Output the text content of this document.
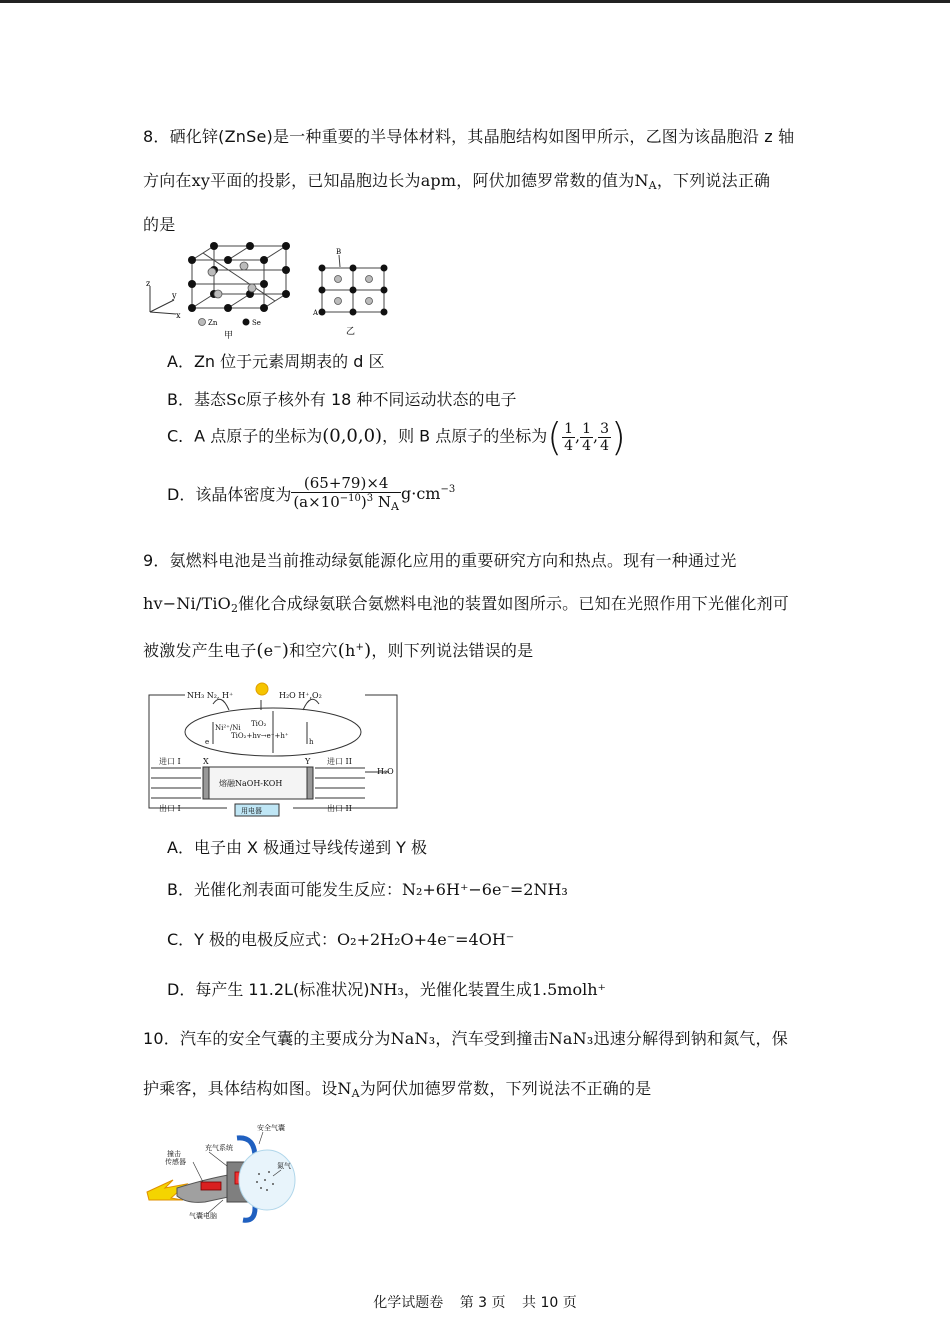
8．硒化锌(ZnSe)是一种重要的半导体材料，其晶胞结构如图甲所示，乙图为该晶胞沿 z 轴
方向在xy平面的投影，已知晶胞边长为apm，阿伏加德罗常数的值为$N_A$，下列说法正确
的是
z
y
x
Zn	Se
甲
B
A
乙
A．Zn 位于元素周期表的 d 区
B．基态Sc原子核外有 18 种不同运动状态的电子
C．A 点原子的坐标为(0,0,0)，则 B 点原子的坐标为( $\frac{1}{4}$ , $\frac{1}{4}$ , $\frac{3}{4}$ )
D．该晶体密度为 $\frac{(65+79)\times 4}{(a\times 10^{-10})^3 N_A} g\cdot cm^{-3}$
9．氨燃料电池是当前推动绿氨能源化应用的重要研究方向和热点。现有一种通过光
hv−Ni/TiO$_2$催化合成绿氨联合氨燃料电池的装置如图所示。已知在光照作用下光催化剂可
被激发产生电子(e−)和空穴(h+)，则下列说法错误的是
NH₃ N₂, H⁺	H₂O H⁺,O₂
Ni²⁺/Ni TiO₂
TiO₂+hv→e⁻+h⁺
e	h
进口 I	进口 II
出口 I	出口 II
X	Y
熔融NaOH-KOH
H₂O
用电器
A．电子由 X 极通过导线传递到 Y 极
B．光催化剂表面可能发生反应：N₂+6H⁺−6e⁻=2NH₃
C．Y 极的电极反应式：O₂+2H₂O+4e⁻=4OH⁻
D．每产生 11.2L(标准状况)NH₃，光催化装置生成1.5molh⁺
10．汽车的安全气囊的主要成分为NaN₃，汽车受到撞击NaN₃迅速分解得到钠和氮气，保
护乘客，具体结构如图。设$N_A$为阿伏加德罗常数，下列说法不正确的是
安全气囊
充气系统
撞击
传感器	氮气
气囊电脑
化学试题卷 第 3 页 共 10 页
